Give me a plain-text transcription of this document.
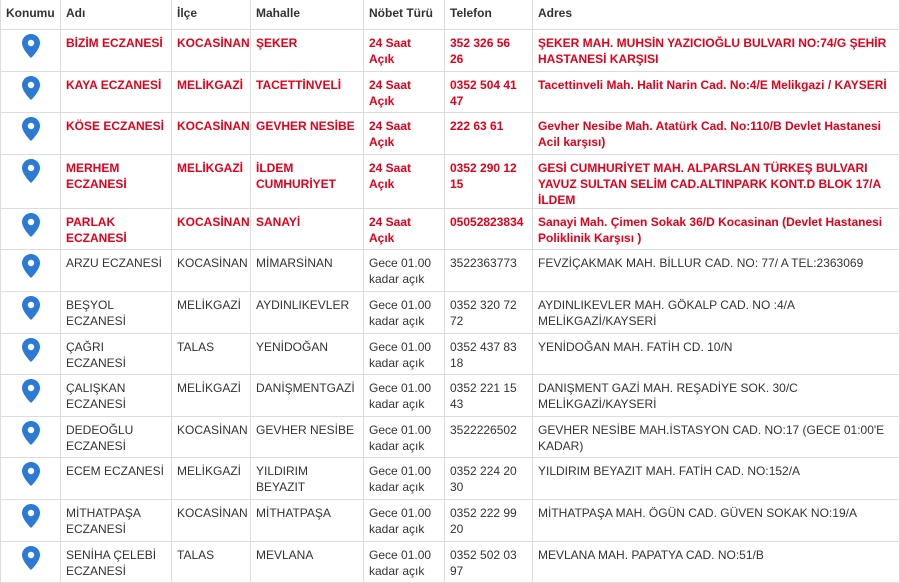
Konumu	Adı	İlçe	Mahalle	Nöbet Türü	Telefon	Adres

	BİZİM ECZANESİ	KOCASİNAN	ŞEKER	24 Saat Açık	352 326 56 26	ŞEKER MAH. MUHSİN YAZICIOĞLU BULVARI NO:74/G ŞEHİR HASTANESİ KARŞISI

	KAYA ECZANESİ	MELİKGAZİ	TACETTİNVELİ	24 Saat Açık	0352 504 41 47	Tacettinveli Mah. Halit Narin Cad. No:4/E Melikgazi / KAYSERİ

	KÖSE ECZANESİ	KOCASİNAN	GEVHER NESİBE	24 Saat Açık	222 63 61	Gevher Nesibe Mah. Atatürk Cad. No:110/B Devlet Hastanesi Acil karşısı)

	MERHEM ECZANESİ	MELİKGAZİ	İLDEM CUMHURİYET	24 Saat Açık	0352 290 12 15	GESİ CUMHURİYET MAH. ALPARSLAN TÜRKEŞ BULVARI YAVUZ SULTAN SELİM CAD.ALTINPARK KONT.D BLOK 17/A İLDEM

	PARLAK ECZANESİ	KOCASİNAN	SANAYİ	24 Saat Açık	05052823834	Sanayi Mah. Çimen Sokak 36/D Kocasinan (Devlet Hastanesi Poliklinik Karşısı )

	ARZU ECZANESİ	KOCASİNAN	MİMARSİNAN	Gece 01.00 kadar açık	3522363773	FEVZİÇAKMAK MAH. BİLLUR CAD. NO: 77/ A TEL:2363069

	BEŞYOL ECZANESİ	MELİKGAZİ	AYDINLIKEVLER	Gece 01.00 kadar açık	0352 320 72 72	AYDINLIKEVLER MAH. GÖKALP CAD. NO :4/A MELİKGAZİ/KAYSERİ

	ÇAĞRI ECZANESİ	TALAS	YENİDOĞAN	Gece 01.00 kadar açık	0352 437 83 18	YENİDOĞAN MAH. FATİH CD. 10/N

	ÇALIŞKAN ECZANESİ	MELİKGAZİ	DANİŞMENTGAZİ	Gece 01.00 kadar açık	0352 221 15 43	DANIŞMENT GAZİ MAH. REŞADİYE SOK. 30/C MELİKGAZİ/KAYSERİ

	DEDEOĞLU ECZANESİ	KOCASİNAN	GEVHER NESİBE	Gece 01.00 kadar açık	3522226502	GEVHER NESİBE MAH.İSTASYON CAD. NO:17 (GECE 01:00'E KADAR)

	ECEM ECZANESİ	MELİKGAZİ	YILDIRIM BEYAZIT	Gece 01.00 kadar açık	0352 224 20 30	YILDIRIM BEYAZIT MAH. FATİH CAD. NO:152/A

	MİTHATPAŞA ECZANESİ	KOCASİNAN	MİTHATPAŞA	Gece 01.00 kadar açık	0352 222 99 20	MİTHATPAŞA MAH. ÖGÜN CAD. GÜVEN SOKAK NO:19/A

	SENİHA ÇELEBİ ECZANESİ	TALAS	MEVLANA	Gece 01.00 kadar açık	0352 502 03 97	MEVLANA MAH. PAPATYA CAD. NO:51/B
